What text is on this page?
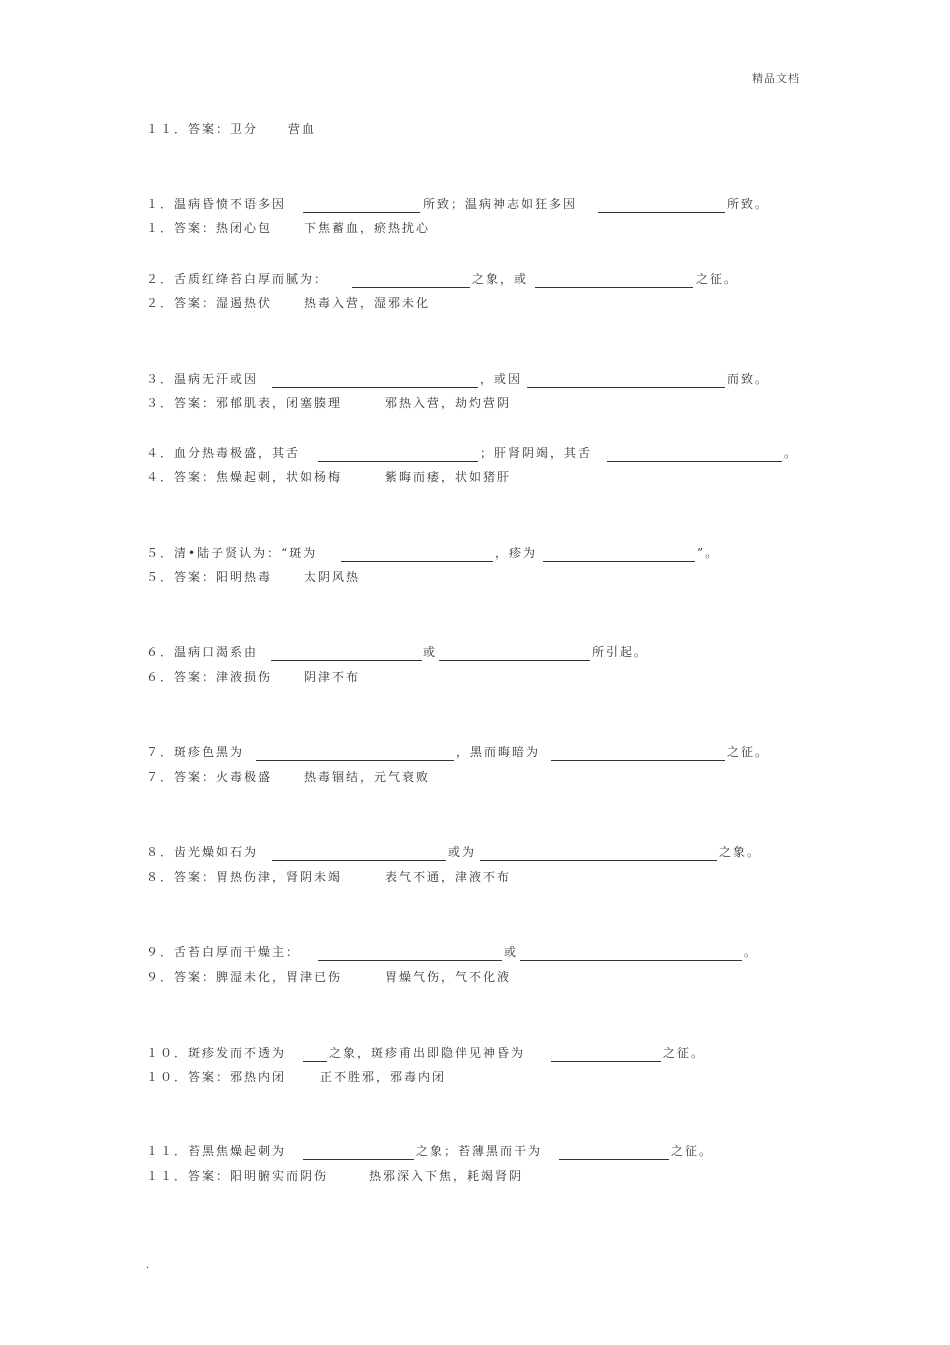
精品文档
１１．答案：卫分 营血
１．温病昏愤不语多因	所致；温病神志如狂多因	所致。
１．答案：热闭心包	下焦蓄血，瘀热扰心
２．舌质红绛苔白厚而腻为：	之象，或	之征。
２．答案：湿遏热伏	热毒入营，湿邪未化
３．温病无汗或因	，或因	而致。
３．答案：邪郁肌表，闭塞腠理	邪热入营，劫灼营阴
４．血分热毒极盛，其舌	；肝肾阴竭，其舌	。
４．答案：焦燥起刺，状如杨梅	紫晦而痿，状如猪肝
５．清•陆子贤认为：“斑为	，疹为	”。
５．答案：阳明热毒	太阴风热
６．温病口渴系由	或	所引起。
６．答案：津液损伤	阴津不布
７．斑疹色黑为	，黑而晦暗为	之征。
７．答案：火毒极盛	热毒锢结，元气衰败
８．齿光燥如石为	或为	之象。
８．答案：胃热伤津，肾阴未竭	表气不通，津液不布
９．舌苔白厚而干燥主：	或	。
９．答案：脾湿未化，胃津已伤	胃燥气伤，气不化液
１０．斑疹发而不透为	之象，斑疹甫出即隐伴见神昏为	之征。
１０．答案：邪热内闭	正不胜邪，邪毒内闭
１１．苔黑焦燥起刺为	之象；苔薄黑而干为	之征。
１１．答案：阳明腑实而阴伤	热邪深入下焦，耗竭肾阴
.
